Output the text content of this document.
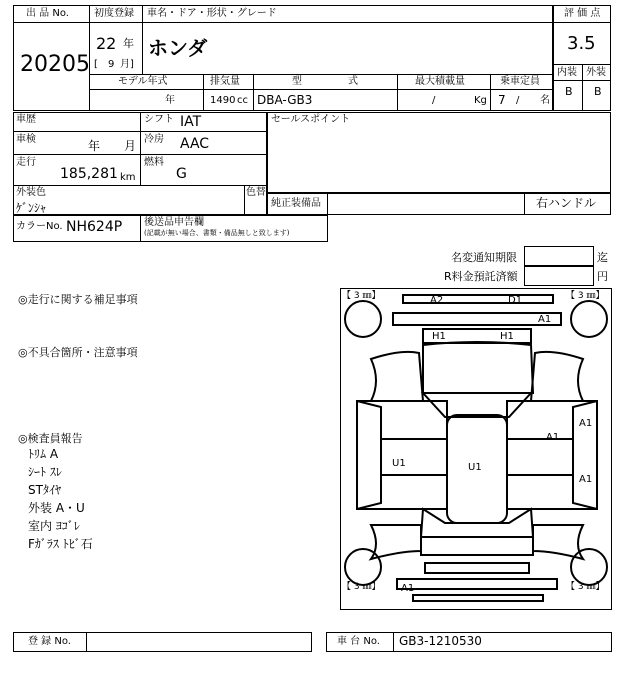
出 品 No.
20205
初度登録 車名・ドア・形状・グレード
22 年
[ 9 月]
ホンダ
モデル年式	排気量	型	式	最大積載量	乗車定員
年	1490 cc DBA-GB3	/	Kg 7 / 名
評 価 点
3.5
内装 外装
B B
車歴	シフト IAT
車検	年 月 冷房 AAC
走行
185,281 km
燃料
G
外装色	色替
ｹﾞﾝｼｬ
セールスポイント
純正装備品	右ハンドル
カラーNo. NH624P 後送品申告欄
(記載が無い場合、書類・備品無しと致します)
名変通知期限	迄
R料金預託済額	円
◎走行に関する補足事項
◎不具合箇所・注意事項
◎検査員報告
ﾄﾘﾑ A
ｼｰﾄ ｽﾚ
STﾀｲﾔ
外装 A・U
室内 ﾖｺﾞﾚ
Fｶﾞﾗｽ ﾄﾋﾞ石
【 3 ㎜】	【 3 ㎜】
【 3 ㎜】	【 3 ㎜】
A2	D1
A1
H1	H1
U1	U1
A1
A1
A1
A1
登 録 No.	車 台 No. GB3-1210530
